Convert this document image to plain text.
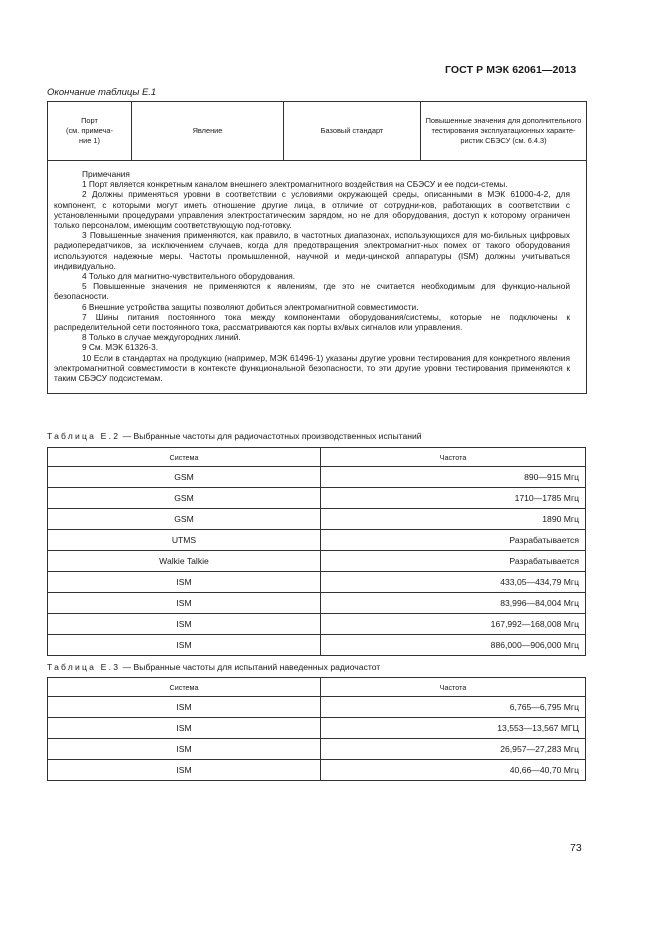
ГОСТ Р МЭК 62061—2013
Окончание таблицы Е.1
Порт
(см. примеча-
ние 1)	Явление	Базовый стандарт	Повышенные значения для дополнительного
тестирования эксплуатационных характе-
ристик СБЭСУ (см. 6.4.3)

Примечания

1 Порт является конкретным каналом внешнего электромагнитного воздействия на СБЭСУ и ее подси-стемы.

2 Должны применяться уровни в соответствии с условиями окружающей среды, описанными в МЭК 61000-4-2, для компонент, с которыми могут иметь отношение другие лица, в отличие от сотрудни-ков, работающих в соответствии с установленными процедурами управления электростатическим зарядом, но не для оборудования, доступ к которому ограничен только персоналом, имеющим соответствующую под-готовку.

3 Повышенные значения применяются, как правило, в частотных диапазонах, использующихся для мо-бильных цифровых радиопередатчиков, за исключением случаев, когда для предотвращения электромагнит-ных помех от такого оборудования используются надежные меры. Частоты промышленной, научной и меди-цинской аппаратуры (ISM) должны учитываться индивидуально.

4 Только для магнитно-чувствительного оборудования.

5 Повышенные значения не применяются к явлениям, где это не считается необходимым для функцио-нальной безопасности.

6 Внешние устройства защиты позволяют добиться электромагнитной совместимости.

7 Шины питания постоянного тока между компонентами оборудования/системы, которые не подключены к распределительной сети постоянного тока, рассматриваются как порты вх/вых сигналов или управления.

8 Только в случае междугородних линий.

9 См. МЭК 61326-3.

10 Если в стандартах на продукцию (например, МЭК 61496-1) указаны другие уровни тестирования для конкретного явления электромагнитной совместимости в контексте функциональной безопасности, то эти другие уровни тестирования применяются к таким СБЭСУ подсистемам.

Таблица Е.2 — Выбранные частоты для радиочастотных производственных испытаний
Система	Частота
GSM	890—915 Мгц
GSM	1710—1785 Мгц
GSM	1890 Мгц
UTMS	Разрабатывается
Walkie Talkie	Разрабатывается
ISM	433,05—434,79 Мгц
ISM	83,996—84,004 Мгц
ISM	167,992—168,008 Мгц
ISM	886,000—906,000 Мгц
Таблица Е.3 — Выбранные частоты для испытаний наведенных радиочастот
Система	Частота
ISM	6,765—6,795 Мгц
ISM	13,553—13,567 МГЦ
ISM	26,957—27,283 Мгц
ISM	40,66—40,70 Мгц
73
